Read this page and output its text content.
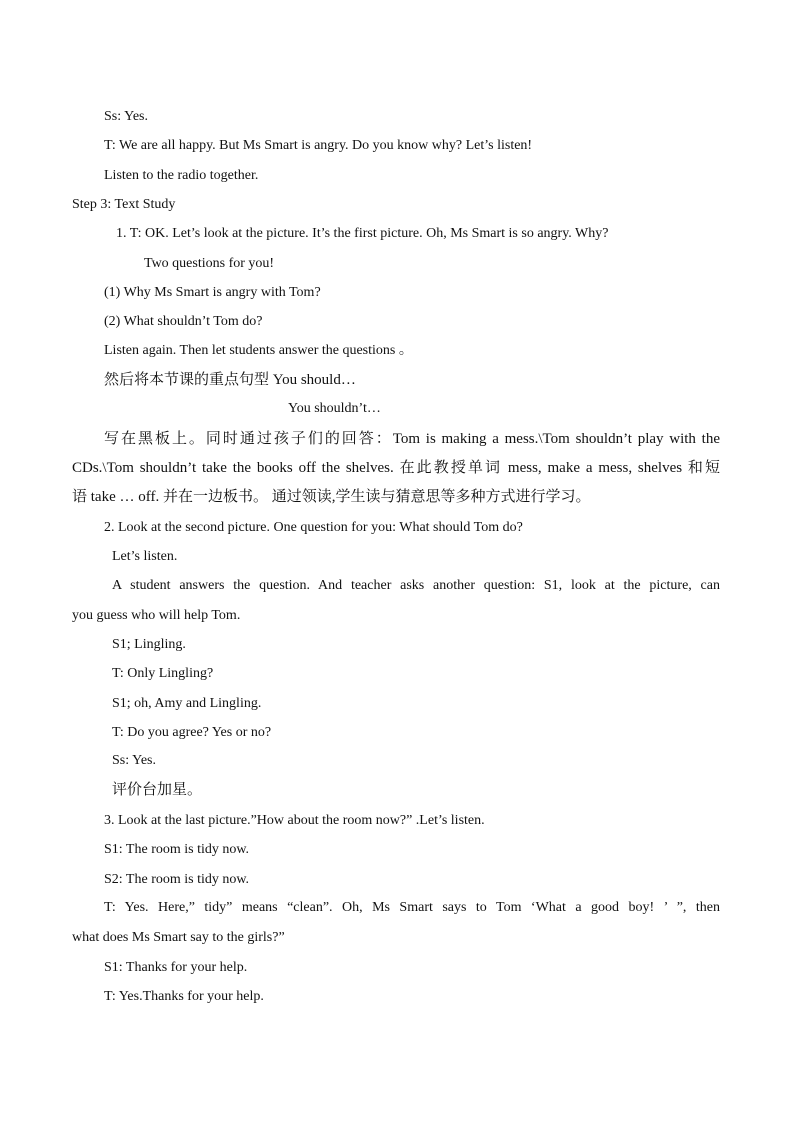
Ss: Yes.
T: We are all happy. But Ms Smart is angry. Do you know why? Let’s listen!
Listen to the radio together.
Step 3: Text Study
1. T: OK. Let’s look at the picture. It’s the first picture. Oh, Ms Smart is so angry. Why?
Two questions for you!
(1) Why Ms Smart is angry with Tom?
(2) What shouldn’t Tom do?
Listen again. Then let students answer the questions 。
然后将本节课的重点句型 You should…
You shouldn’t…
写在黑板上。同时通过孩子们的回答：Tom is making a mess.\Tom shouldn’t play with the
CDs.\Tom shouldn’t take the books off the shelves. 在此教授单词 mess, make a mess, shelves 和短
语 take … off. 并在一边板书。 通过领读,学生读与猜意思等多种方式进行学习。
2. Look at the second picture. One question for you: What should Tom do?
Let’s listen.
A student answers the question. And teacher asks another question: S1, look at the picture, can
you guess who will help Tom.
S1; Lingling.
T: Only Lingling?
S1; oh, Amy and Lingling.
T: Do you agree? Yes or no?
Ss: Yes.
评价台加星。
3. Look at the last picture.”How about the room now?” .Let’s listen.
S1: The room is tidy now.
S2: The room is tidy now.
T: Yes. Here,” tidy” means “clean”. Oh, Ms Smart says to Tom ‘What a good boy! ’ ”, then
what does Ms Smart say to the girls?”
S1: Thanks for your help.
T: Yes.Thanks for your help.
